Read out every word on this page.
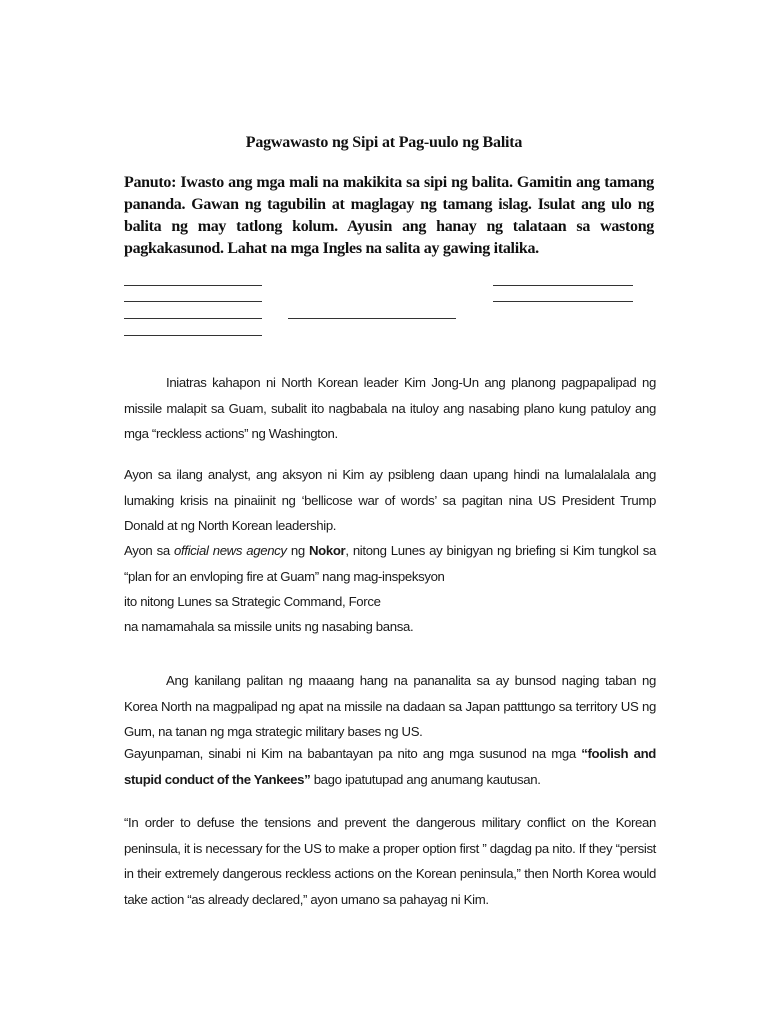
Pagwawasto ng Sipi at Pag-uulo ng Balita
Panuto: Iwasto ang mga mali na makikita sa sipi ng balita. Gamitin ang tamang pananda. Gawan ng tagubilin at maglagay ng tamang islag. Isulat ang ulo ng balita ng may tatlong kolum. Ayusin ang hanay ng talataan sa wastong pagkakasunod. Lahat na mga Ingles na salita ay gawing italika.

Iniatras kahapon ni North Korean leader Kim Jong-Un ang planong pagpapalipad ng missile malapit sa Guam, subalit ito nagbabala na ituloy ang nasabing plano kung patuloy ang mga “reckless actions” ng Washington.

Ayon sa ilang analyst, ang aksyon ni Kim ay psibleng daan upang hindi na lumalalalala ang lumaking krisis na pinaiinit ng ‘bellicose war of words’ sa pagitan nina US President Trump Donald at ng North Korean leadership.

Ayon sa official news agency ng Nokor, nitong Lunes ay binigyan ng briefing si Kim tungkol sa “plan for an envloping fire at Guam” nang mag-inspeksyon

ito nitong Lunes sa Strategic Command, Force

na namamahala sa missile units ng nasabing bansa.

Ang kanilang palitan ng maaang hang na pananalita sa ay bunsod naging taban ng Korea North na magpalipad ng apat na missile na dadaan sa Japan patttungo sa territory US ng Gum, na tanan ng mga strategic military bases ng US.

Gayunpaman, sinabi ni Kim na babantayan pa nito ang mga susunod na mga “foolish and stupid conduct of the Yankees” bago ipatutupad ang anumang kautusan.

“In order to defuse the tensions and prevent the dangerous military conflict on the Korean peninsula, it is necessary for the US to make a proper option first ” dagdag pa nito. If they “persist in their extremely dangerous reckless actions on the Korean peninsula,” then North Korea would take action “as already declared,” ayon umano sa pahayag ni Kim.
